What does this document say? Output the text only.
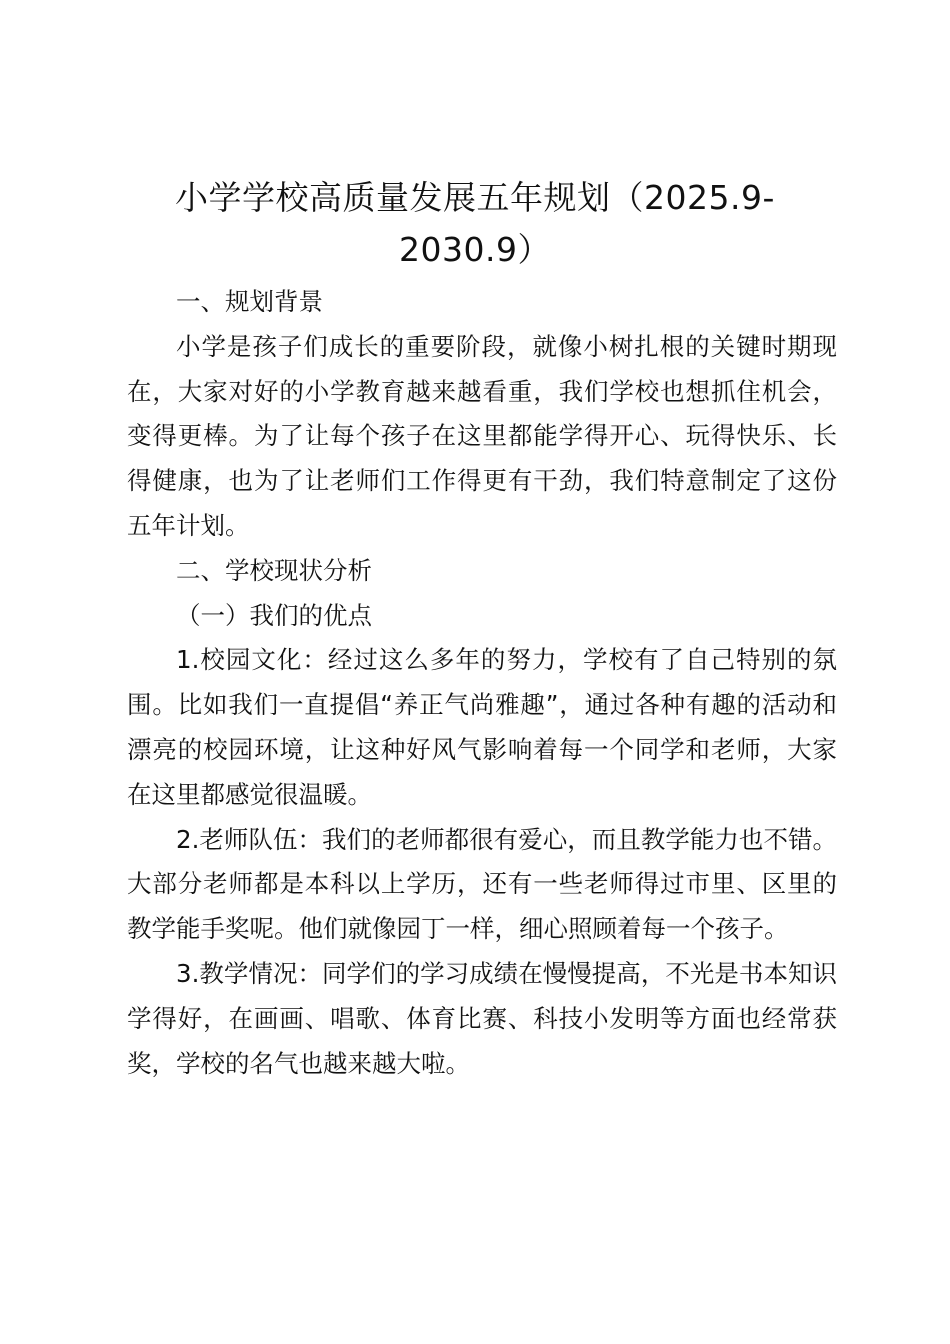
小学学校高质量发展五年规划（2025.9-2030.9）

一、规划背景

小学是孩子们成长的重要阶段，就像小树扎根的关键时期现在，大家对好的小学教育越来越看重，我们学校也想抓住机会，变得更棒。为了让每个孩子在这里都能学得开心、玩得快乐、长得健康，也为了让老师们工作得更有干劲，我们特意制定了这份五年计划。

二、学校现状分析

（一）我们的优点

1.校园文化：经过这么多年的努力，学校有了自己特别的氛围。比如我们一直提倡“养正气尚雅趣”，通过各种有趣的活动和漂亮的校园环境，让这种好风气影响着每一个同学和老师，大家在这里都感觉很温暖。

2.老师队伍：我们的老师都很有爱心，而且教学能力也不错。大部分老师都是本科以上学历，还有一些老师得过市里、区里的教学能手奖呢。他们就像园丁一样，细心照顾着每一个孩子。

3.教学情况：同学们的学习成绩在慢慢提高，不光是书本知识学得好，在画画、唱歌、体育比赛、科技小发明等方面也经常获奖，学校的名气也越来越大啦。
